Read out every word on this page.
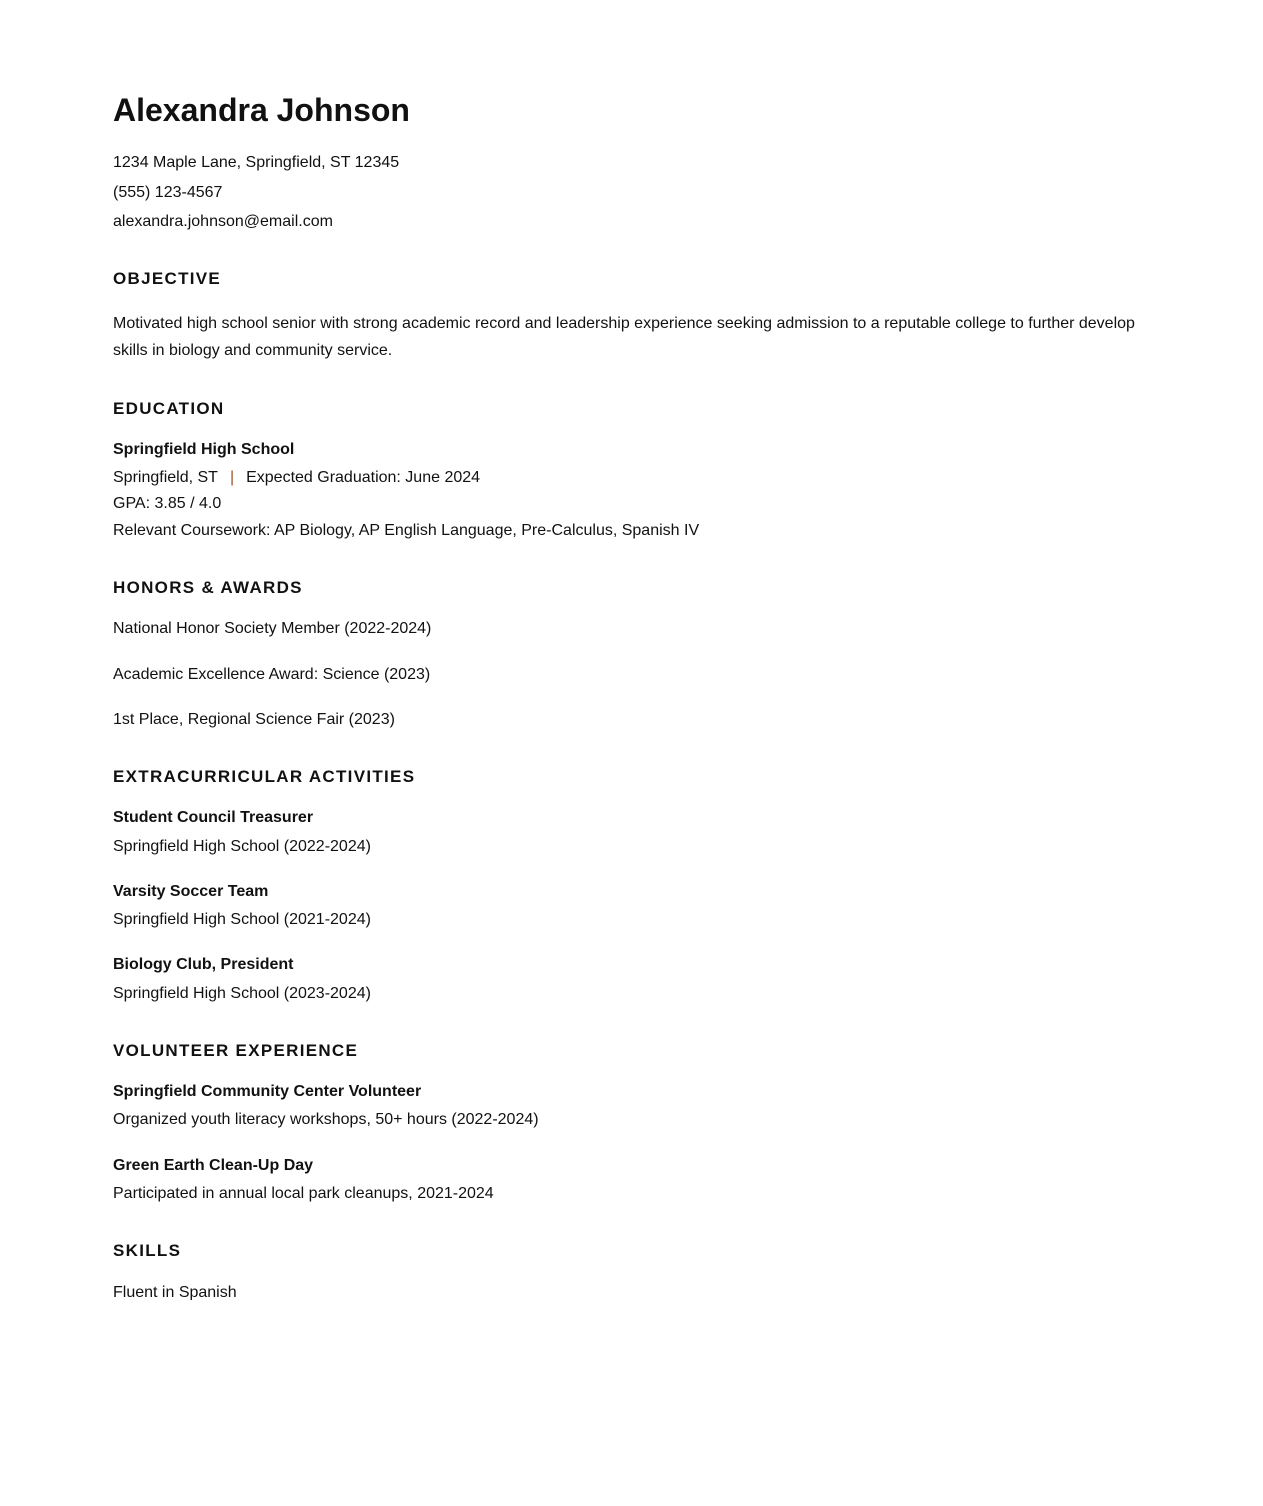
Alexandra Johnson
1234 Maple Lane, Springfield, ST 12345
(555) 123-4567
alexandra.johnson@email.com
OBJECTIVE
Motivated high school senior with strong academic record and leadership experience seeking admission to a reputable college to further develop skills in biology and community service.
EDUCATION
Springfield High School
Springfield, ST | Expected Graduation: June 2024
GPA: 3.85 / 4.0
Relevant Coursework: AP Biology, AP English Language, Pre-Calculus, Spanish IV
HONORS & AWARDS
National Honor Society Member (2022-2024)
Academic Excellence Award: Science (2023)
1st Place, Regional Science Fair (2023)
EXTRACURRICULAR ACTIVITIES
Student Council Treasurer
Springfield High School (2022-2024)
Varsity Soccer Team
Springfield High School (2021-2024)
Biology Club, President
Springfield High School (2023-2024)
VOLUNTEER EXPERIENCE
Springfield Community Center Volunteer
Organized youth literacy workshops, 50+ hours (2022-2024)
Green Earth Clean-Up Day
Participated in annual local park cleanups, 2021-2024
SKILLS
Fluent in Spanish
